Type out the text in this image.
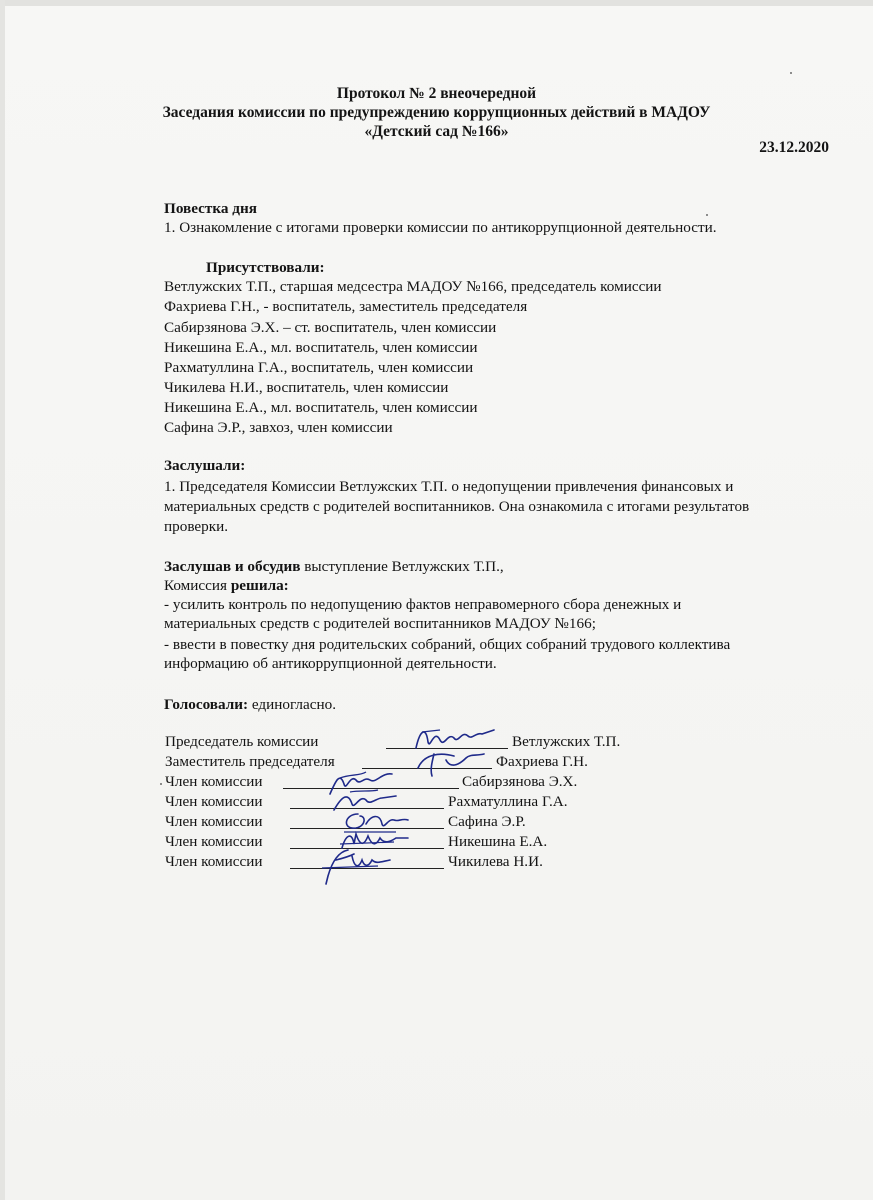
Протокол № 2 внеочередной
Заседания комиссии по предупреждению коррупционных действий в МАДОУ
«Детский сад №166»
23.12.2020
Повестка дня
1. Ознакомление с итогами проверки комиссии по антикоррупционной деятельности.
Присутствовали:
Ветлужских Т.П., старшая медсестра МАДОУ №166, председатель комиссии
Фахриева Г.Н., - воспитатель, заместитель председателя
Сабирзянова Э.Х. – ст. воспитатель, член комиссии
Никешина Е.А., мл. воспитатель, член комиссии
Рахматуллина Г.А., воспитатель, член комиссии
Чикилева Н.И., воспитатель, член комиссии
Никешина Е.А., мл. воспитатель, член комиссии
Сафина Э.Р., завхоз, член комиссии
Заслушали:
1. Председателя Комиссии Ветлужских Т.П. о недопущении привлечения финансовых и
материальных средств с родителей воспитанников. Она ознакомила с итогами результатов
проверки.
Заслушав и обсудив выступление Ветлужских Т.П.,
Комиссия решила:
- усилить контроль по недопущению фактов неправомерного сбора денежных и
материальных средств с родителей воспитанников МАДОУ №166;
- ввести в повестку дня родительских собраний, общих собраний трудового коллектива
информацию об антикоррупционной деятельности.
Голосовали: единогласно.
Председатель комиссии	Ветлужских Т.П.
Заместитель председателя	Фахриева Г.Н.
Член комиссии	Сабирзянова Э.Х.
Член комиссии	Рахматуллина Г.А.
Член комиссии	Сафина Э.Р.
Член комиссии	Никешина Е.А.
Член комиссии	Чикилева Н.И.
